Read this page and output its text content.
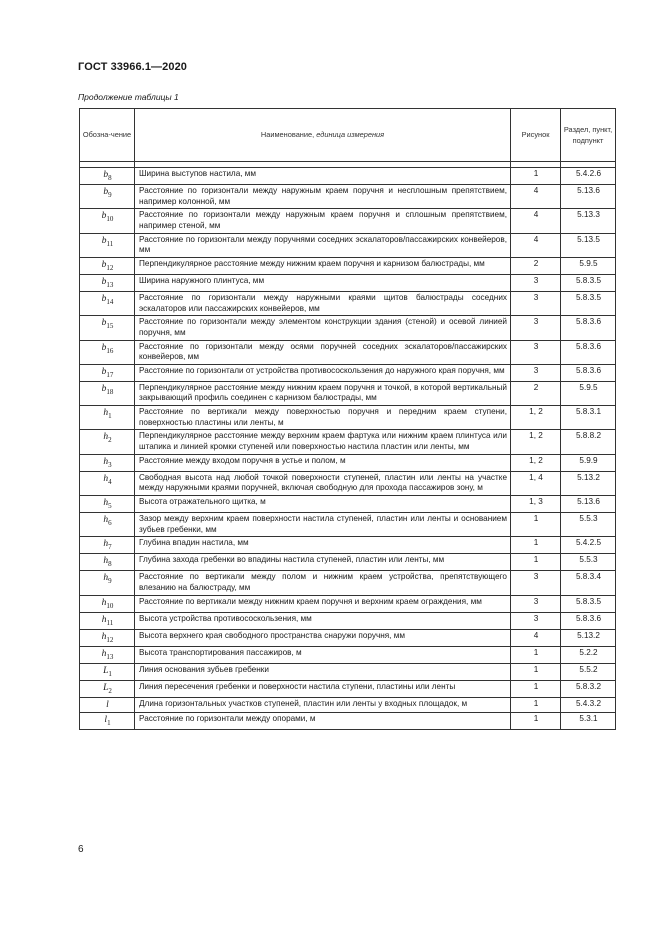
ГОСТ 33966.1—2020
Продолжение таблицы 1
Обозна-чение	Наименование, единица измерения	Рисунок	Раздел, пункт, подпункт

$b_8$	Ширина выступов настила, мм	1	5.4.2.6
$b_9$	Расстояние по горизонтали между наружным краем поручня и несплошным препятствием, например колонной, мм	4	5.13.6
$b_{10}$	Расстояние по горизонтали между наружным краем поручня и сплошным препятствием, например стеной, мм	4	5.13.3
$b_{11}$	Расстояние по горизонтали между поручнями соседних эскалаторов/пассажирских конвейеров, мм	4	5.13.5
$b_{12}$	Перпендикулярное расстояние между нижним краем поручня и карнизом балюстрады, мм	2	5.9.5
$b_{13}$	Ширина наружного плинтуса, мм	3	5.8.3.5
$b_{14}$	Расстояние по горизонтали между наружными краями щитов балюстрады соседних эскалаторов или пассажирских конвейеров, мм	3	5.8.3.5
$b_{15}$	Расстояние по горизонтали между элементом конструкции здания (стеной) и осевой линией поручня, мм	3	5.8.3.6
$b_{16}$	Расстояние по горизонтали между осями поручней соседних эскалаторов/пассажирских конвейеров, мм	3	5.8.3.6
$b_{17}$	Расстояние по горизонтали от устройства противососкользения до наружного края поручня, мм	3	5.8.3.6
$b_{18}$	Перпендикулярное расстояние между нижним краем поручня и точкой, в которой вертикальный закрывающий профиль соединен с карнизом балюстрады, мм	2	5.9.5
$h_1$	Расстояние по вертикали между поверхностью поручня и передним краем ступени, поверхностью пластины или ленты, м	1, 2	5.8.3.1
$h_2$	Перпендикулярное расстояние между верхним краем фартука или нижним краем плинтуса или штапика и линией кромки ступеней или поверхностью настила пластин или ленты, мм	1, 2	5.8.8.2
$h_3$	Расстояние между входом поручня в устье и полом, м	1, 2	5.9.9
$h_4$	Свободная высота над любой точкой поверхности ступеней, пластин или ленты на участке между наружными краями поручней, включая свободную для прохода пассажиров зону, м	1, 4	5.13.2
$h_5$	Высота отражательного щитка, м	1, 3	5.13.6
$h_6$	Зазор между верхним краем поверхности настила ступеней, пластин или ленты и основанием зубьев гребенки, мм	1	5.5.3
$h_7$	Глубина впадин настила, мм	1	5.4.2.5
$h_8$	Глубина захода гребенки во впадины настила ступеней, пластин или ленты, мм	1	5.5.3
$h_9$	Расстояние по вертикали между полом и нижним краем устройства, препятствующего влезанию на балюстраду, мм	3	5.8.3.4
$h_{10}$	Расстояние по вертикали между нижним краем поручня и верхним краем ограждения, мм	3	5.8.3.5
$h_{11}$	Высота устройства противососкользения, мм	3	5.8.3.6
$h_{12}$	Высота верхнего края свободного пространства снаружи поручня, мм	4	5.13.2
$h_{13}$	Высота транспортирования пассажиров, м	1	5.2.2
$L_1$	Линия основания зубьев гребенки	1	5.5.2
$L_2$	Линия пересечения гребенки и поверхности настила ступени, пластины или ленты	1	5.8.3.2
l	Длина горизонтальных участков ступеней, пластин или ленты у входных площадок, м	1	5.4.3.2
$l_1$	Расстояние по горизонтали между опорами, м	1	5.3.1
6
